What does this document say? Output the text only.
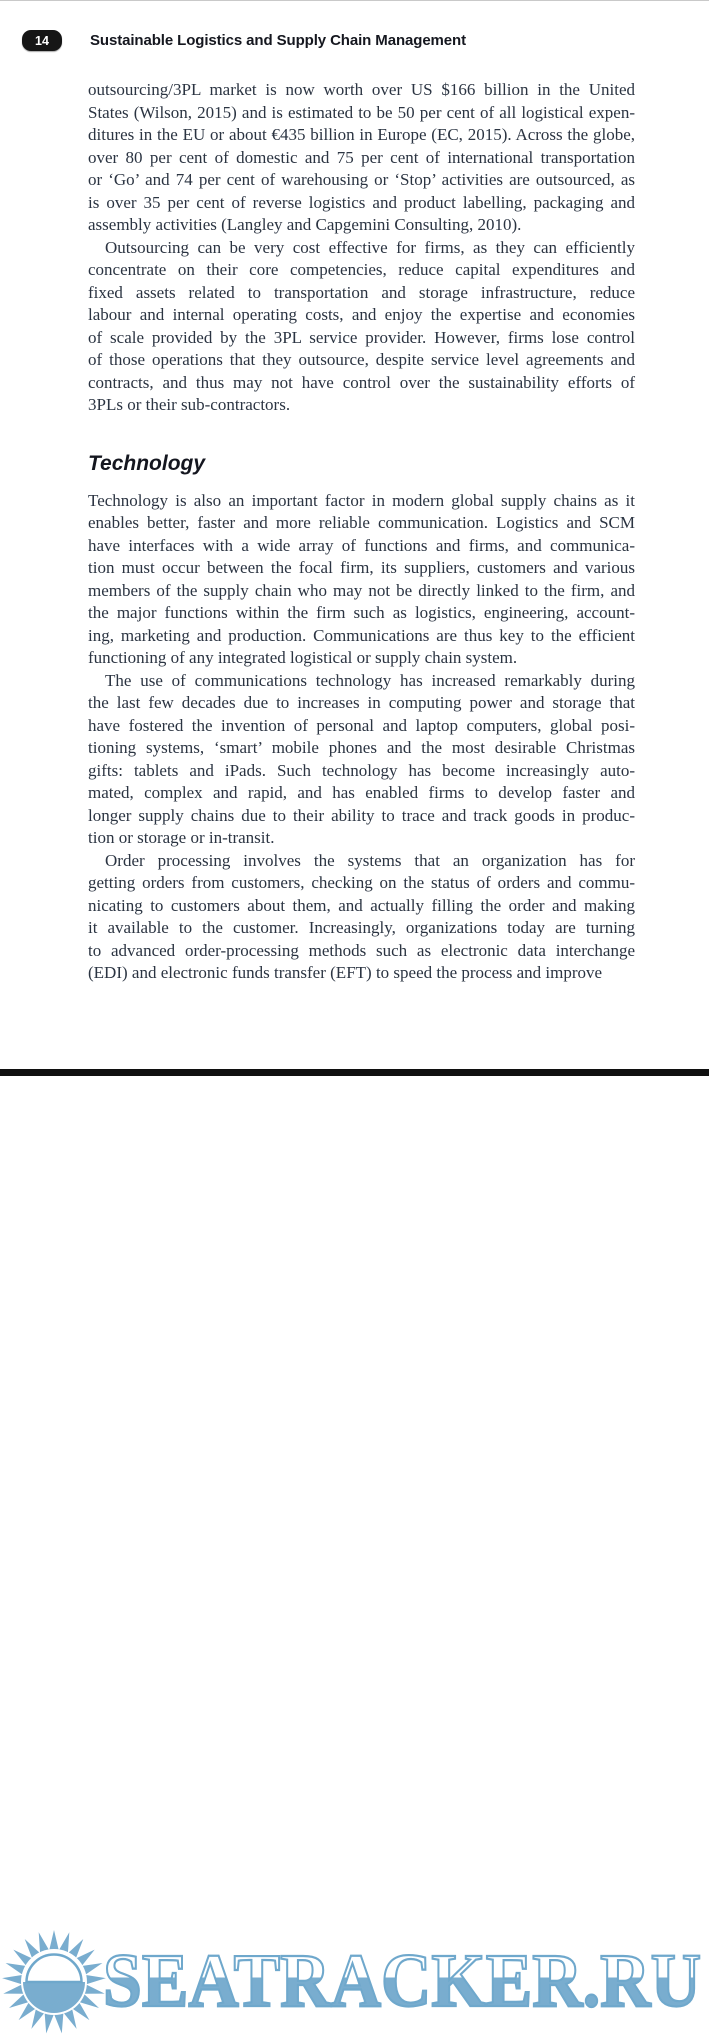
14	Sustainable Logistics and Supply Chain Management
outsourcing/3PL market is now worth over US $166 billion in the United
States (Wilson, 2015) and is estimated to be 50 per cent of all logistical expen-
ditures in the EU or about €435 billion in Europe (EC, 2015). Across the globe,
over 80 per cent of domestic and 75 per cent of international transportation
or ‘Go’ and 74 per cent of warehousing or ‘Stop’ activities are outsourced, as
is over 35 per cent of reverse logistics and product labelling, packaging and
assembly activities (Langley and Capgemini Consulting, 2010).
Outsourcing can be very cost effective for firms, as they can efficiently
concentrate on their core competencies, reduce capital expenditures and
fixed assets related to transportation and storage infrastructure, reduce
labour and internal operating costs, and enjoy the expertise and economies
of scale provided by the 3PL service provider. However, firms lose control
of those operations that they outsource, despite service level agreements and
contracts, and thus may not have control over the sustainability efforts of
3PLs or their sub-contractors.
Technology
Technology is also an important factor in modern global supply chains as it
enables better, faster and more reliable communication. Logistics and SCM
have interfaces with a wide array of functions and firms, and communica-
tion must occur between the focal firm, its suppliers, customers and various
members of the supply chain who may not be directly linked to the firm, and
the major functions within the firm such as logistics, engineering, account-
ing, marketing and production. Communications are thus key to the efficient
functioning of any integrated logistical or supply chain system.
The use of communications technology has increased remarkably during
the last few decades due to increases in computing power and storage that
have fostered the invention of personal and laptop computers, global posi-
tioning systems, ‘smart’ mobile phones and the most desirable Christmas
gifts: tablets and iPads. Such technology has become increasingly auto-
mated, complex and rapid, and has enabled firms to develop faster and
longer supply chains due to their ability to trace and track goods in produc-
tion or storage or in-transit.
Order processing involves the systems that an organization has for
getting orders from customers, checking on the status of orders and commu-
nicating to customers about them, and actually filling the order and making
it available to the customer. Increasingly, organizations today are turning
to advanced order-processing methods such as electronic data interchange
(EDI) and electronic funds transfer (EFT) to speed the process and improve
SEATRACKER.RU
